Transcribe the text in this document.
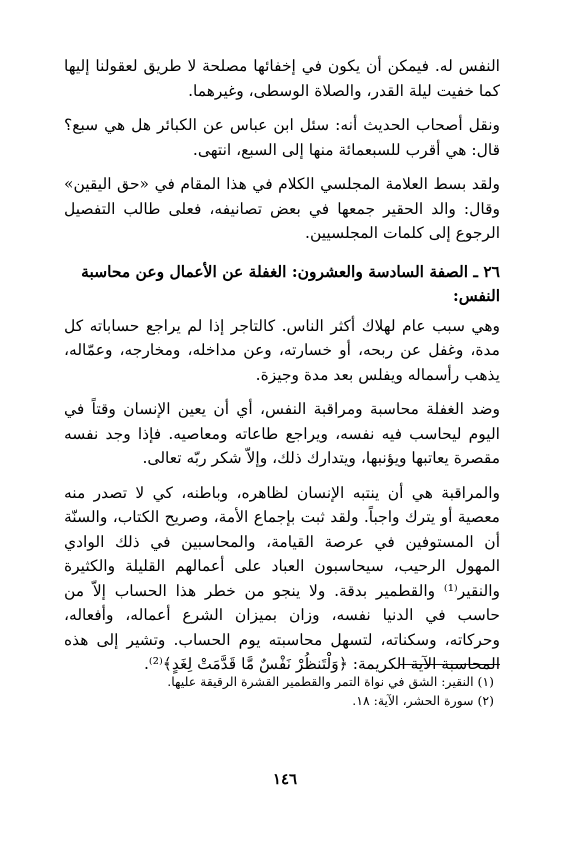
النفس له. فيمكن أن يكون في إخفائها مصلحة لا طريق لعقولنا إليها كما خفيت ليلة القدر، والصلاة الوسطى، وغيرهما.

ونقل أصحاب الحديث أنه: سئل ابن عباس عن الكبائر هل هي سبع؟ قال: هي أقرب للسبعمائة منها إلى السبع، انتهى.

ولقد بسط العلامة المجلسي الكلام في هذا المقام في «حق اليقين» وقال: والد الحقير جمعها في بعض تصانيفه، فعلى طالب التفصيل الرجوع إلى كلمات المجلسيين.

٢٦ ـ الصفة السادسة والعشرون: الغفلة عن الأعمال وعن محاسبة النفس:

وهي سبب عام لهلاك أكثر الناس. كالتاجر إذا لم يراجع حساباته كل مدة، وغفل عن ربحه، أو خسارته، وعن مداخله، ومخارجه، وعمّاله، يذهب رأسماله ويفلس بعد مدة وجيزة.

وضد الغفلة محاسبة ومراقبة النفس، أي أن يعين الإنسان وقتاً في اليوم ليحاسب فيه نفسه، ويراجع طاعاته ومعاصيه. فإذا وجد نفسه مقصرة يعاتبها ويؤنبها، ويتدارك ذلك، وإلاّ شكر ربّه تعالى.

والمراقبة هي أن ينتبه الإنسان لظاهره، وباطنه، كي لا تصدر منه معصية أو يترك واجباً. ولقد ثبت بإجماع الأمة، وصريح الكتاب، والسنّة أن المستوفين في عرصة القيامة، والمحاسبين في ذلك الوادي المهول الرحيب، سيحاسبون العباد على أعمالهم القليلة والكثيرة والنقير⁽¹⁾ والقطمير بدقة. ولا ينجو من خطر هذا الحساب إلاّ من حاسب في الدنيا نفسه، وزان بميزان الشرع أعماله، وأفعاله، وحركاته، وسكناته، لتسهل محاسبته يوم الحساب. وتشير إلى هذه المحاسبة الآية الكريمة: ﴿وَلْتَنظُرْ نَفْسٌ مَّا قَدَّمَتْ لِغَدٍ﴾⁽²⁾.

(١) النقير: الشق في نواة التمر والقطمير القشرة الرقيقة عليها.
(٢) سورة الحشر، الآية: ١٨.
١٤٦
